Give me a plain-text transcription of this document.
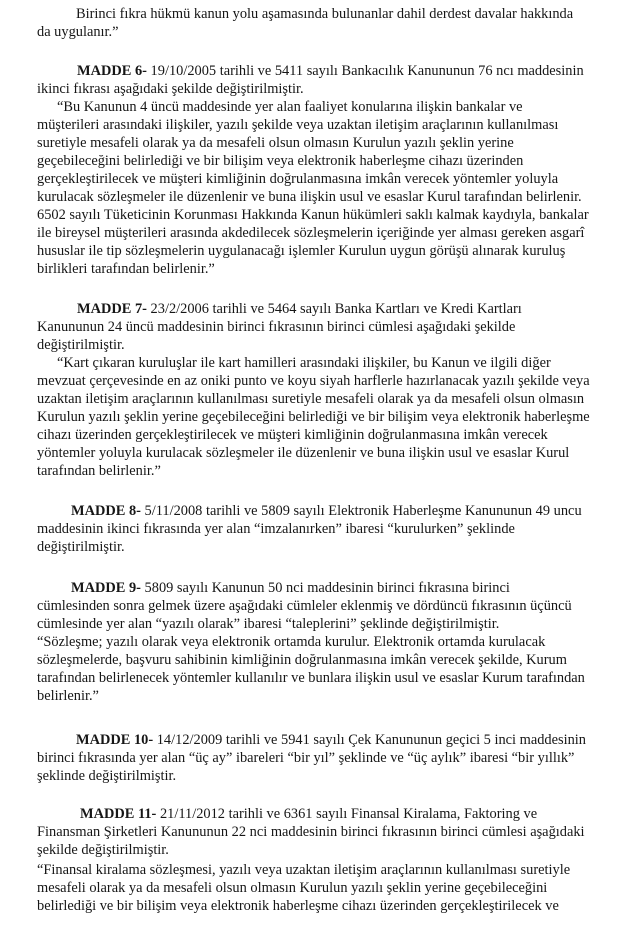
Birinci fıkra hükmü kanun yolu aşamasında bulunanlar dahil derdest davalar hakkında
da uygulanır.”
MADDE 6- 19/10/2005 tarihli ve 5411 sayılı Bankacılık Kanununun 76 ncı maddesinin
ikinci fıkrası aşağıdaki şekilde değiştirilmiştir.
“Bu Kanunun 4 üncü maddesinde yer alan faaliyet konularına ilişkin bankalar ve
müşterileri arasındaki ilişkiler, yazılı şekilde veya uzaktan iletişim araçlarının kullanılması
suretiyle mesafeli olarak ya da mesafeli olsun olmasın Kurulun yazılı şeklin yerine
geçebileceğini belirlediği ve bir bilişim veya elektronik haberleşme cihazı üzerinden
gerçekleştirilecek ve müşteri kimliğinin doğrulanmasına imkân verecek yöntemler yoluyla
kurulacak sözleşmeler ile düzenlenir ve buna ilişkin usul ve esaslar Kurul tarafından belirlenir.
6502 sayılı Tüketicinin Korunması Hakkında Kanun hükümleri saklı kalmak kaydıyla, bankalar
ile bireysel müşterileri arasında akdedilecek sözleşmelerin içeriğinde yer alması gereken asgarî
hususlar ile tip sözleşmelerin uygulanacağı işlemler Kurulun uygun görüşü alınarak kuruluş
birlikleri tarafından belirlenir.”
MADDE 7- 23/2/2006 tarihli ve 5464 sayılı Banka Kartları ve Kredi Kartları
Kanununun 24 üncü maddesinin birinci fıkrasının birinci cümlesi aşağıdaki şekilde
değiştirilmiştir.
“Kart çıkaran kuruluşlar ile kart hamilleri arasındaki ilişkiler, bu Kanun ve ilgili diğer
mevzuat çerçevesinde en az oniki punto ve koyu siyah harflerle hazırlanacak yazılı şekilde veya
uzaktan iletişim araçlarının kullanılması suretiyle mesafeli olarak ya da mesafeli olsun olmasın
Kurulun yazılı şeklin yerine geçebileceğini belirlediği ve bir bilişim veya elektronik haberleşme
cihazı üzerinden gerçekleştirilecek ve müşteri kimliğinin doğrulanmasına imkân verecek
yöntemler yoluyla kurulacak sözleşmeler ile düzenlenir ve buna ilişkin usul ve esaslar Kurul
tarafından belirlenir.”
MADDE 8- 5/11/2008 tarihli ve 5809 sayılı Elektronik Haberleşme Kanununun 49 uncu
maddesinin ikinci fıkrasında yer alan “imzalanırken” ibaresi “kurulurken” şeklinde
değiştirilmiştir.
MADDE 9- 5809 sayılı Kanunun 50 nci maddesinin birinci fıkrasına birinci
cümlesinden sonra gelmek üzere aşağıdaki cümleler eklenmiş ve dördüncü fıkrasının üçüncü
cümlesinde yer alan “yazılı olarak” ibaresi “taleplerini” şeklinde değiştirilmiştir.
“Sözleşme; yazılı olarak veya elektronik ortamda kurulur. Elektronik ortamda kurulacak
sözleşmelerde, başvuru sahibinin kimliğinin doğrulanmasına imkân verecek şekilde, Kurum
tarafından belirlenecek yöntemler kullanılır ve bunlara ilişkin usul ve esaslar Kurum tarafından
belirlenir.”
MADDE 10- 14/12/2009 tarihli ve 5941 sayılı Çek Kanununun geçici 5 inci maddesinin
birinci fıkrasında yer alan “üç ay” ibareleri “bir yıl” şeklinde ve “üç aylık” ibaresi “bir yıllık”
şeklinde değiştirilmiştir.
MADDE 11- 21/11/2012 tarihli ve 6361 sayılı Finansal Kiralama, Faktoring ve
Finansman Şirketleri Kanununun 22 nci maddesinin birinci fıkrasının birinci cümlesi aşağıdaki
şekilde değiştirilmiştir.
“Finansal kiralama sözleşmesi, yazılı veya uzaktan iletişim araçlarının kullanılması suretiyle
mesafeli olarak ya da mesafeli olsun olmasın Kurulun yazılı şeklin yerine geçebileceğini
belirlediği ve bir bilişim veya elektronik haberleşme cihazı üzerinden gerçekleştirilecek ve
